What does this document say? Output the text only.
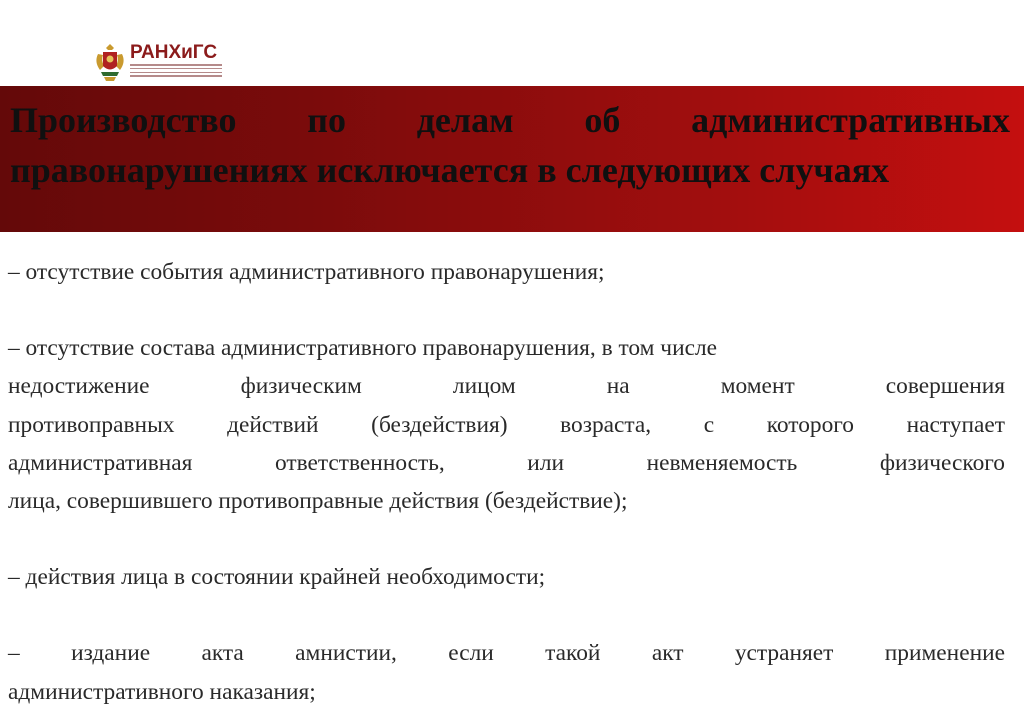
РАНХиГС
Производство по делам об административных
правонарушениях исключается в следующих случаях
– отсутствие события административного правонарушения;
– отсутствие состава административного правонарушения, в том числе
недостижение физическим лицом на момент совершения
противоправных действий (бездействия) возраста, с которого наступает
административная ответственность, или невменяемость физического
лица, совершившего противоправные действия (бездействие);
– действия лица в состоянии крайней необходимости;
– издание акта амнистии, если такой акт устраняет применение
административного наказания;
